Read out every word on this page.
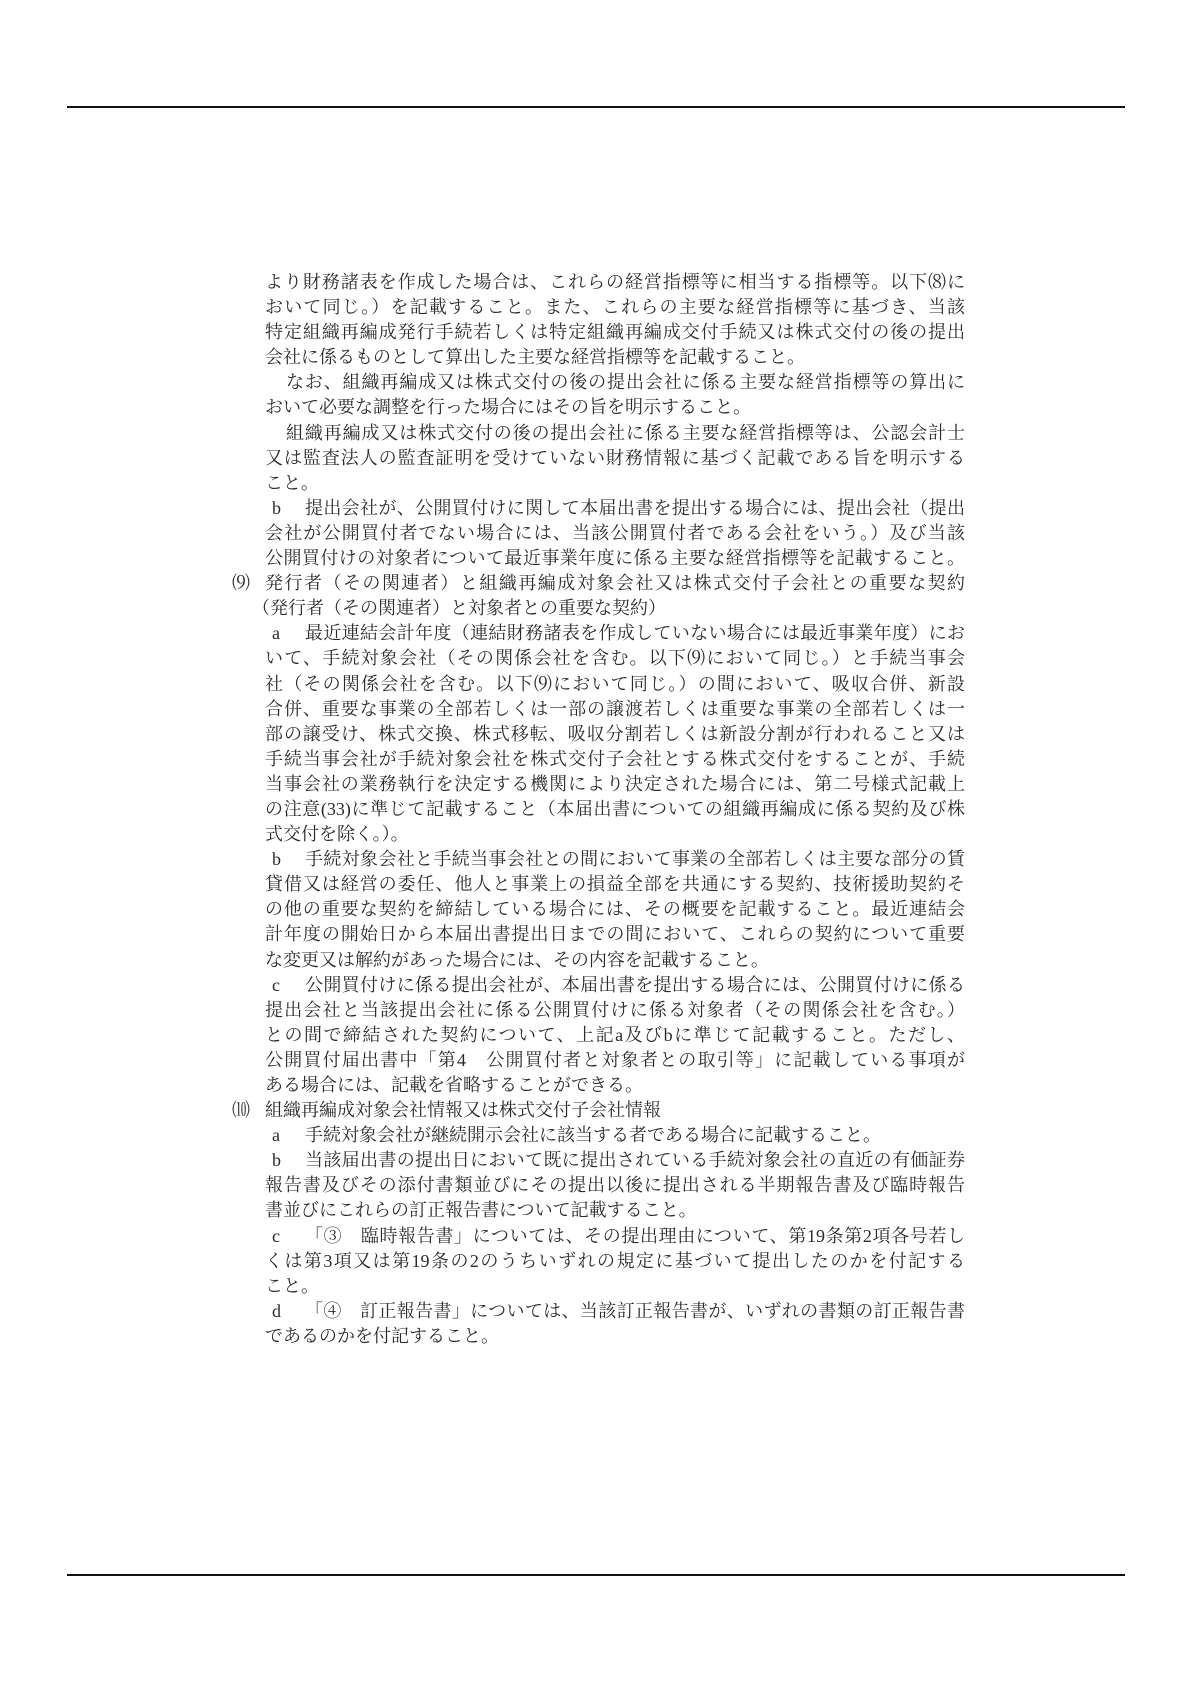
より財務諸表を作成した場合は、これらの経営指標等に相当する指標等。以下⑻に
おいて同じ。）を記載すること。また、これらの主要な経営指標等に基づき、当該
特定組織再編成発行手続若しくは特定組織再編成交付手続又は株式交付の後の提出
会社に係るものとして算出した主要な経営指標等を記載すること。
なお、組織再編成又は株式交付の後の提出会社に係る主要な経営指標等の算出に
おいて必要な調整を行った場合にはその旨を明示すること。
組織再編成又は株式交付の後の提出会社に係る主要な経営指標等は、公認会計士
又は監査法人の監査証明を受けていない財務情報に基づく記載である旨を明示する
こと。
b 提出会社が、公開買付けに関して本届出書を提出する場合には、提出会社（提出
会社が公開買付者でない場合には、当該公開買付者である会社をいう。）及び当該
公開買付けの対象者について最近事業年度に係る主要な経営指標等を記載すること。
⑼ 発行者（その関連者）と組織再編成対象会社又は株式交付子会社との重要な契約
（発行者（その関連者）と対象者との重要な契約）
a 最近連結会計年度（連結財務諸表を作成していない場合には最近事業年度）にお
いて、手続対象会社（その関係会社を含む。以下⑼において同じ。）と手続当事会
社（その関係会社を含む。以下⑼において同じ。）の間において、吸収合併、新設
合併、重要な事業の全部若しくは一部の譲渡若しくは重要な事業の全部若しくは一
部の譲受け、株式交換、株式移転、吸収分割若しくは新設分割が行われること又は
手続当事会社が手続対象会社を株式交付子会社とする株式交付をすることが、手続
当事会社の業務執行を決定する機関により決定された場合には、第二号様式記載上
の注意(33)に準じて記載すること（本届出書についての組織再編成に係る契約及び株
式交付を除く。）。
b 手続対象会社と手続当事会社との間において事業の全部若しくは主要な部分の賃
貸借又は経営の委任、他人と事業上の損益全部を共通にする契約、技術援助契約そ
の他の重要な契約を締結している場合には、その概要を記載すること。最近連結会
計年度の開始日から本届出書提出日までの間において、これらの契約について重要
な変更又は解約があった場合には、その内容を記載すること。
c 公開買付けに係る提出会社が、本届出書を提出する場合には、公開買付けに係る
提出会社と当該提出会社に係る公開買付けに係る対象者（その関係会社を含む。）
との間で締結された契約について、上記a及びbに準じて記載すること。ただし、
公開買付届出書中「第4　公開買付者と対象者との取引等」に記載している事項が
ある場合には、記載を省略することができる。
⑽ 組織再編成対象会社情報又は株式交付子会社情報
a 手続対象会社が継続開示会社に該当する者である場合に記載すること。
b 当該届出書の提出日において既に提出されている手続対象会社の直近の有価証券
報告書及びその添付書類並びにその提出以後に提出される半期報告書及び臨時報告
書並びにこれらの訂正報告書について記載すること。
c 「③　臨時報告書」については、その提出理由について、第19条第2項各号若し
くは第3項又は第19条の2のうちいずれの規定に基づいて提出したのかを付記する
こと。
d 「④　訂正報告書」については、当該訂正報告書が、いずれの書類の訂正報告書
であるのかを付記すること。
